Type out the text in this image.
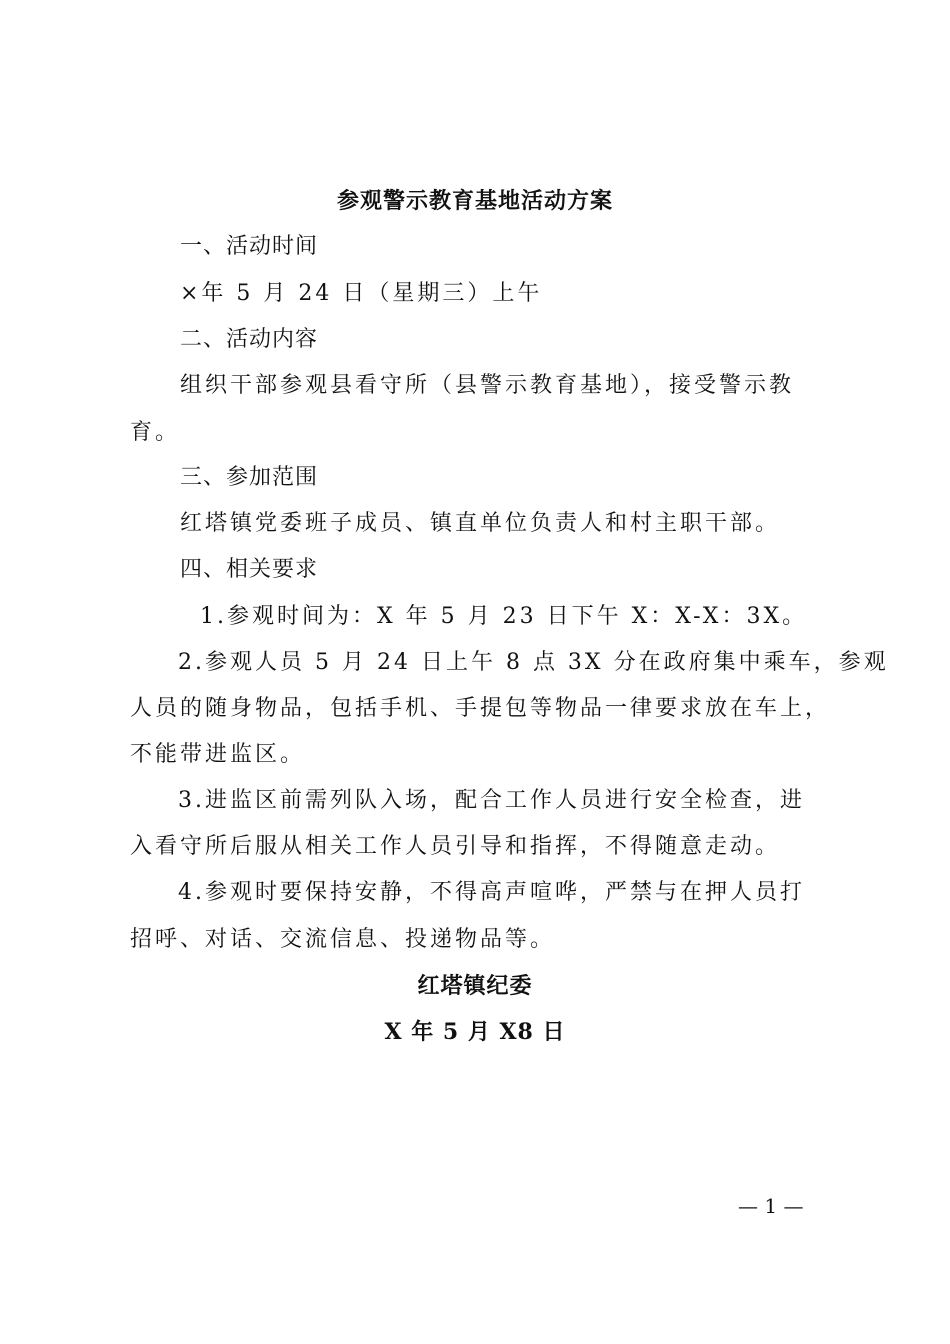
参观警示教育基地活动方案
一、活动时间
×年 5 月 24 日（星期三）上午
二、活动内容
组织干部参观县看守所（县警示教育基地），接受警示教
育。
三、参加范围
红塔镇党委班子成员、镇直单位负责人和村主职干部。
四、相关要求
1.参观时间为：X 年 5 月 23 日下午 X：X-X：3X。
2.参观人员 5 月 24 日上午 8 点 3X 分在政府集中乘车，参观
人员的随身物品，包括手机、手提包等物品一律要求放在车上，
不能带进监区。
3.进监区前需列队入场，配合工作人员进行安全检查，进
入看守所后服从相关工作人员引导和指挥，不得随意走动。
4.参观时要保持安静，不得高声喧哗，严禁与在押人员打
招呼、对话、交流信息、投递物品等。
红塔镇纪委
X 年 5 月 X8 日
— 1 —
